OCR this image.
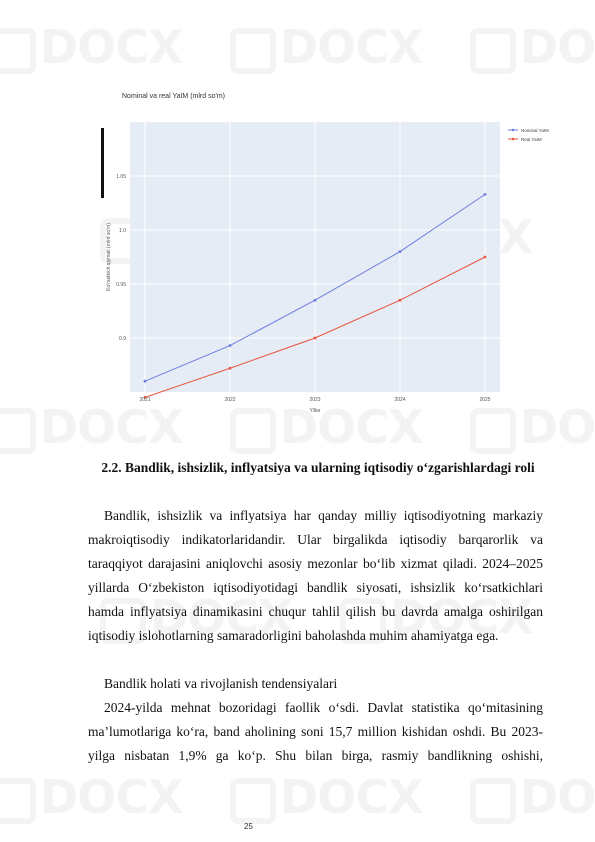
Nominal va real YaIM (mlrd so'm)
0.9
0.95
1.0
1.05
2021	2022	2023	2024	2025
Yillar
Ko'rsatkich qiymati (mlrd so'm)
Nominal YaIM
Real YaIM
2.2. Bandlik, ishsizlik, inflyatsiya va ularning iqtisodiy o‘zgarishlardagi roli
Bandlik, ishsizlik va inflyatsiya har qanday milliy iqtisodiyotning markaziy makroiqtisodiy indikatorlaridandir. Ular birgalikda iqtisodiy barqarorlik va taraqqiyot darajasini aniqlovchi asosiy mezonlar bo‘lib xizmat qiladi. 2024–2025 yillarda O‘zbekiston iqtisodiyotidagi bandlik siyosati, ishsizlik ko‘rsatkichlari hamda inflyatsiya dinamikasini chuqur tahlil qilish bu davrda amalga oshirilgan iqtisodiy islohotlarning samaradorligini baholashda muhim ahamiyatga ega.
Bandlik holati va rivojlanish tendensiyalari
2024-yilda mehnat bozoridagi faollik o‘sdi. Davlat statistika qo‘mitasining ma’lumotlariga ko‘ra, band aholining soni 15,7 million kishidan oshdi. Bu 2023-yilga nisbatan 1,9% ga ko‘p. Shu bilan birga, rasmiy bandlikning oshishi,
25
